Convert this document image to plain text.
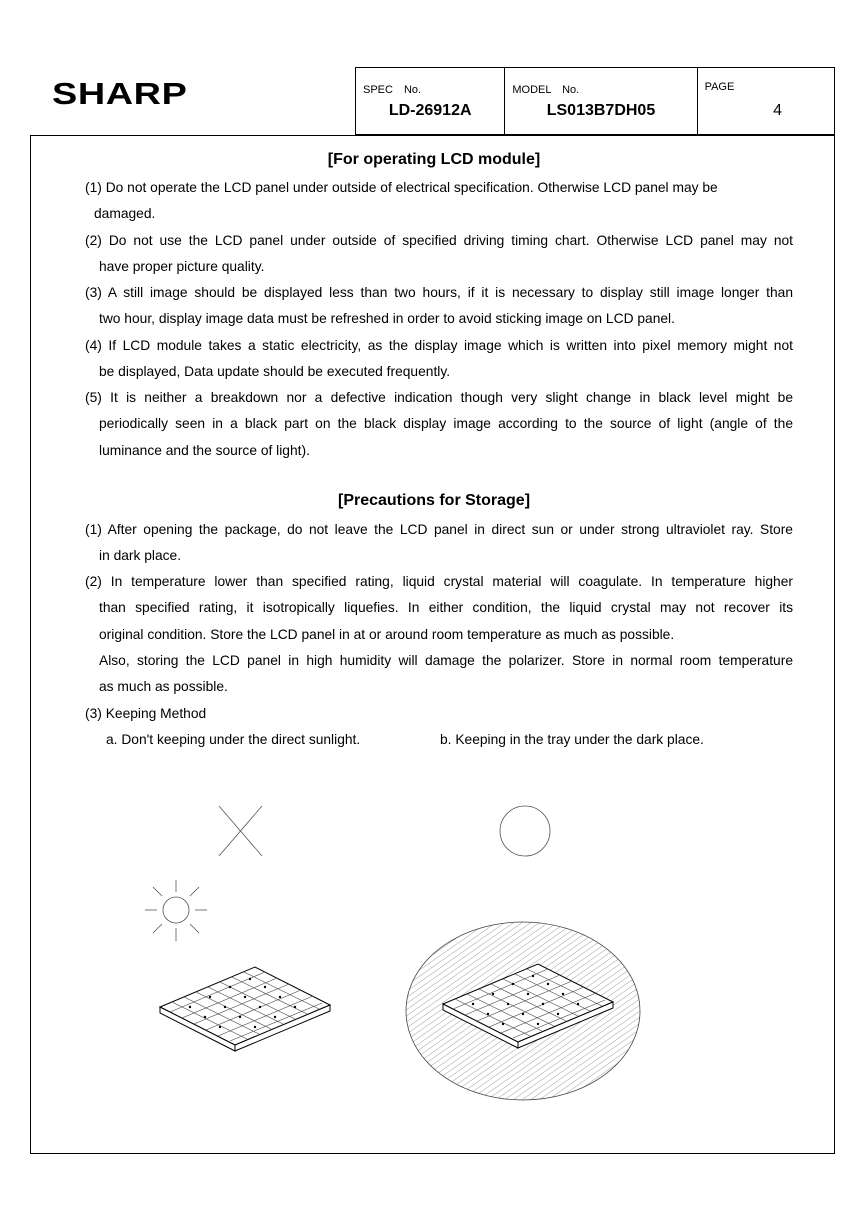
SHARP	SPEC　No.
LD-26912A
MODEL　No.
LS013B7DH05
PAGE
4
[For operating LCD module]
(1) Do not operate the LCD panel under outside of electrical specification. Otherwise LCD panel may be
damaged.
(2) Do not use the LCD panel under outside of specified driving timing chart. Otherwise LCD panel may not
have proper picture quality.
(3) A still image should be displayed less than two hours, if it is necessary to display still image longer than
two hour, display image data must be refreshed in order to avoid sticking image on LCD panel.
(4) If LCD module takes a static electricity, as the display image which is written into pixel memory might not
be displayed, Data update should be executed frequently.
(5) It is neither a breakdown nor a defective indication though very slight change in black level might be
periodically seen in a black part on the black display image according to the source of light (angle of the
luminance and the source of light).
[Precautions for Storage]
(1) After opening the package, do not leave the LCD panel in direct sun or under strong ultraviolet ray. Store
in dark place.
(2) In temperature lower than specified rating, liquid crystal material will coagulate. In temperature higher
than specified rating, it isotropically liquefies. In either condition, the liquid crystal may not recover its
original condition. Store the LCD panel in at or around room temperature as much as possible.
Also, storing the LCD panel in high humidity will damage the polarizer. Store in normal room temperature
as much as possible.
(3) Keeping Method
a. Don't keeping under the direct sunlight.	b. Keeping in the tray under the dark place.
